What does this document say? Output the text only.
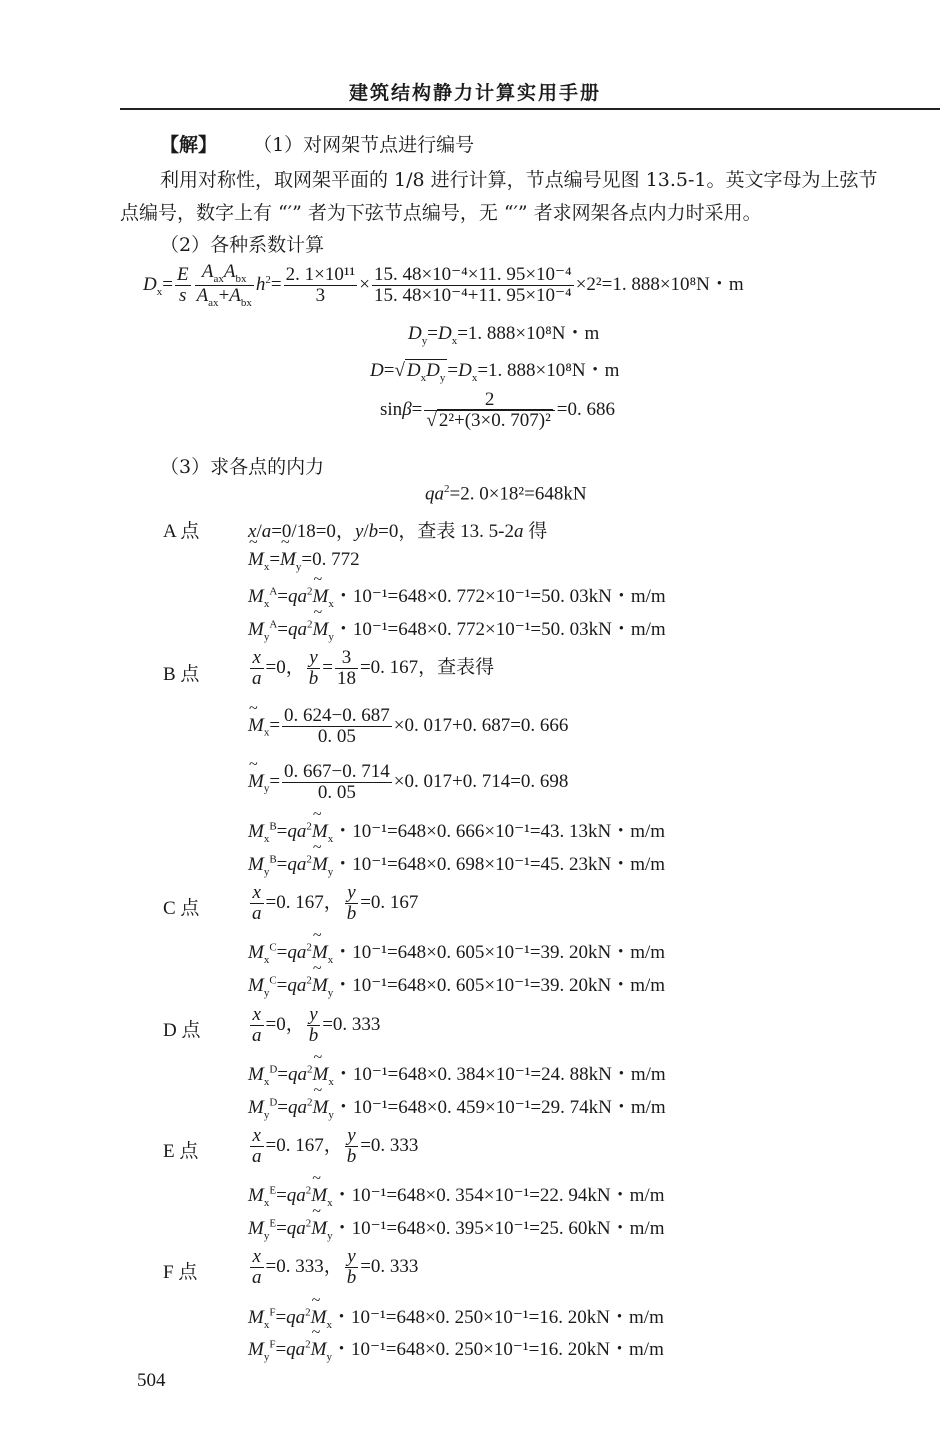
建筑结构静力计算实用手册
【解】 （1）对网架节点进行编号
利用对称性，取网架平面的 1/8 进行计算，节点编号见图 13.5-1。英文字母为上弦节
点编号，数字上有 “′” 者为下弦节点编号，无 “′” 者求网架各点内力时采用。
（2）各种系数计算
$D_x= \frac{E}{s} \frac{A_{ax}A_{bx}}{A_{ax}+A_{bx}} h^2= \frac{\text{2. 1×10¹¹}}{3} \times \frac{\text{15. 48×10⁻⁴×11. 95×10⁻⁴}}{\text{15. 48×10⁻⁴+11. 95×10⁻⁴}} \times 2^2=1$. 888×10⁸N・m
$D_y=D_x=1$. 888×10⁸N・m
D=√ $D_xD_y =D_x=1$. 888×10⁸N・m
$\sin\beta= \frac{2}{\text{√ 2²+(3×0. 707)²}} =0$. 686
（3）求各点的内力
$qa^2=2$. 0×18²=648kN
A 点	x/a=0/18=0，y/b=0，查表 13. 5-2a 得
~ $M_x=\sim$ $M_y=0$. 772
$M_x^A=qa^2\sim$ $M_x$・10⁻¹=648×0. 772×10⁻¹=50. 03kN・m/m
$M_y^A=qa^2\sim$ $M_y$・10⁻¹=648×0. 772×10⁻¹=50. 03kN・m/m
B 点	$\frac{x}{a} =0$， $\frac{y}{b} = \frac{3}{18} =0$. 167，查表得
~ $M_x= \frac{0. 624-0. 687}{0. 05} \times 0$. 017+0. 687=0. 666
~ $M_y= \frac{0. 667-0. 714}{0. 05} \times 0$. 017+0. 714=0. 698
$M_x^B=qa^2\sim$ $M_x$・10⁻¹=648×0. 666×10⁻¹=43. 13kN・m/m
$M_y^B=qa^2\sim$ $M_y$・10⁻¹=648×0. 698×10⁻¹=45. 23kN・m/m
C 点	$\frac{x}{a} =0$. 167， $\frac{y}{b} =0$. 167
$M_x^C=qa^2\sim$ $M_x$・10⁻¹=648×0. 605×10⁻¹=39. 20kN・m/m
$M_y^C=qa^2\sim$ $M_y$・10⁻¹=648×0. 605×10⁻¹=39. 20kN・m/m
D 点	$\frac{x}{a} =0$， $\frac{y}{b} =0$. 333
$M_x^D=qa^2\sim$ $M_x$・10⁻¹=648×0. 384×10⁻¹=24. 88kN・m/m
$M_y^D=qa^2\sim$ $M_y$・10⁻¹=648×0. 459×10⁻¹=29. 74kN・m/m
E 点	$\frac{x}{a} =0$. 167， $\frac{y}{b} =0$. 333
$M_x^E=qa^2\sim$ $M_x$・10⁻¹=648×0. 354×10⁻¹=22. 94kN・m/m
$M_y^E=qa^2\sim$ $M_y$・10⁻¹=648×0. 395×10⁻¹=25. 60kN・m/m
F 点	$\frac{x}{a} =0$. 333， $\frac{y}{b} =0$. 333
$M_x^F=qa^2\sim$ $M_x$・10⁻¹=648×0. 250×10⁻¹=16. 20kN・m/m
$M_y^F=qa^2\sim$ $M_y$・10⁻¹=648×0. 250×10⁻¹=16. 20kN・m/m
504
